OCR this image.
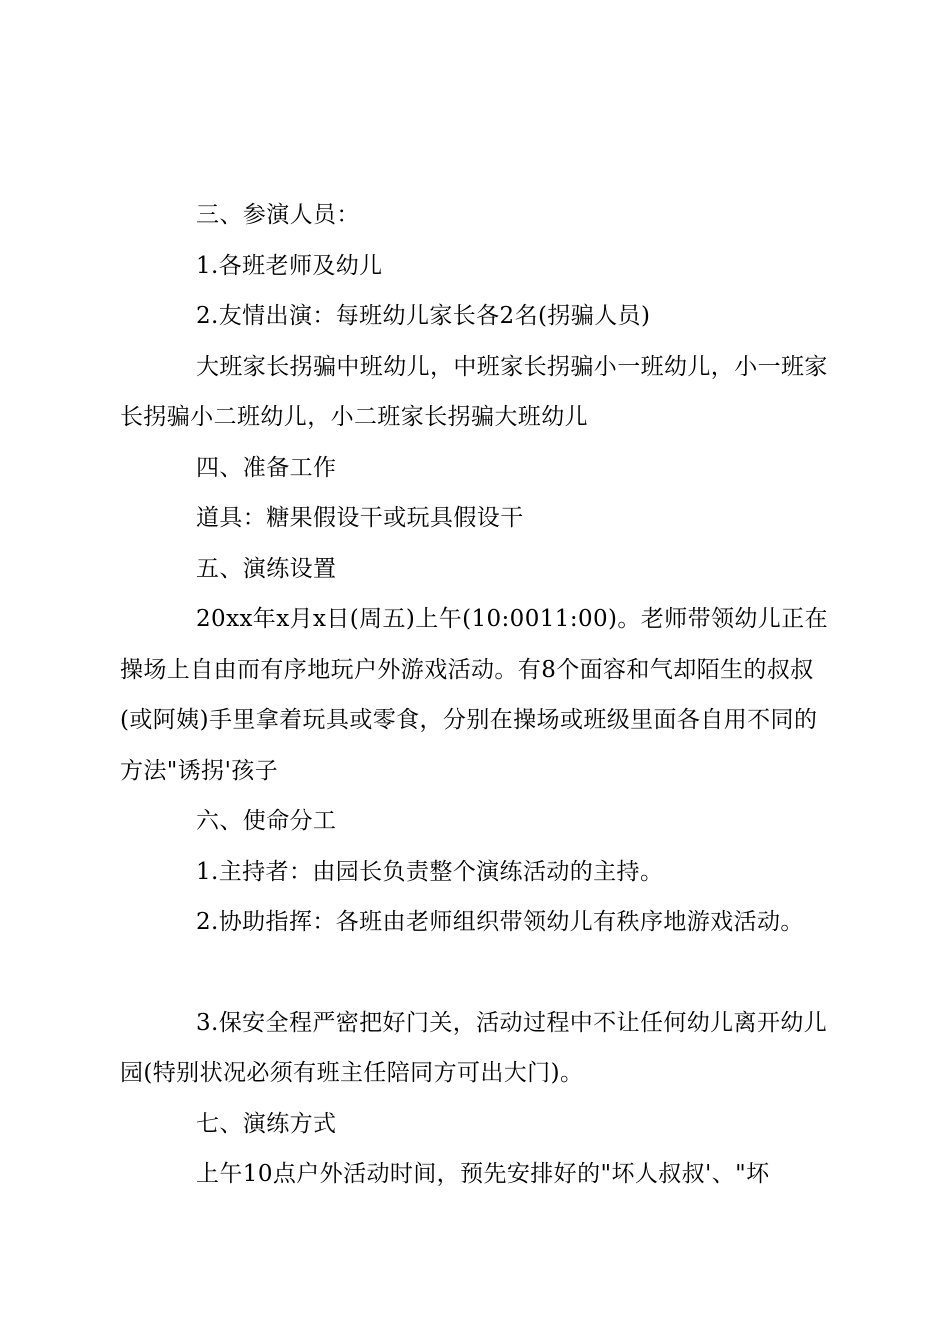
三、参演人员：

1.各班老师及幼儿

2.友情出演：每班幼儿家长各2名(拐骗人员)

大班家长拐骗中班幼儿，中班家长拐骗小一班幼儿，小一班家长拐骗小二班幼儿，小二班家长拐骗大班幼儿

四、准备工作

道具：糖果假设干或玩具假设干

五、演练设置

20xx年x月x日(周五)上午(10:0011:00)。老师带领幼儿正在操场上自由而有序地玩户外游戏活动。有8个面容和气却陌生的叔叔(或阿姨)手里拿着玩具或零食，分别在操场或班级里面各自用不同的方法"诱拐'孩子

六、使命分工

1.主持者：由园长负责整个演练活动的主持。

2.协助指挥：各班由老师组织带领幼儿有秩序地游戏活动。

3.保安全程严密把好门关，活动过程中不让任何幼儿离开幼儿园(特别状况必须有班主任陪同方可出大门)。

七、演练方式

上午10点户外活动时间，预先安排好的"坏人叔叔'、"坏
